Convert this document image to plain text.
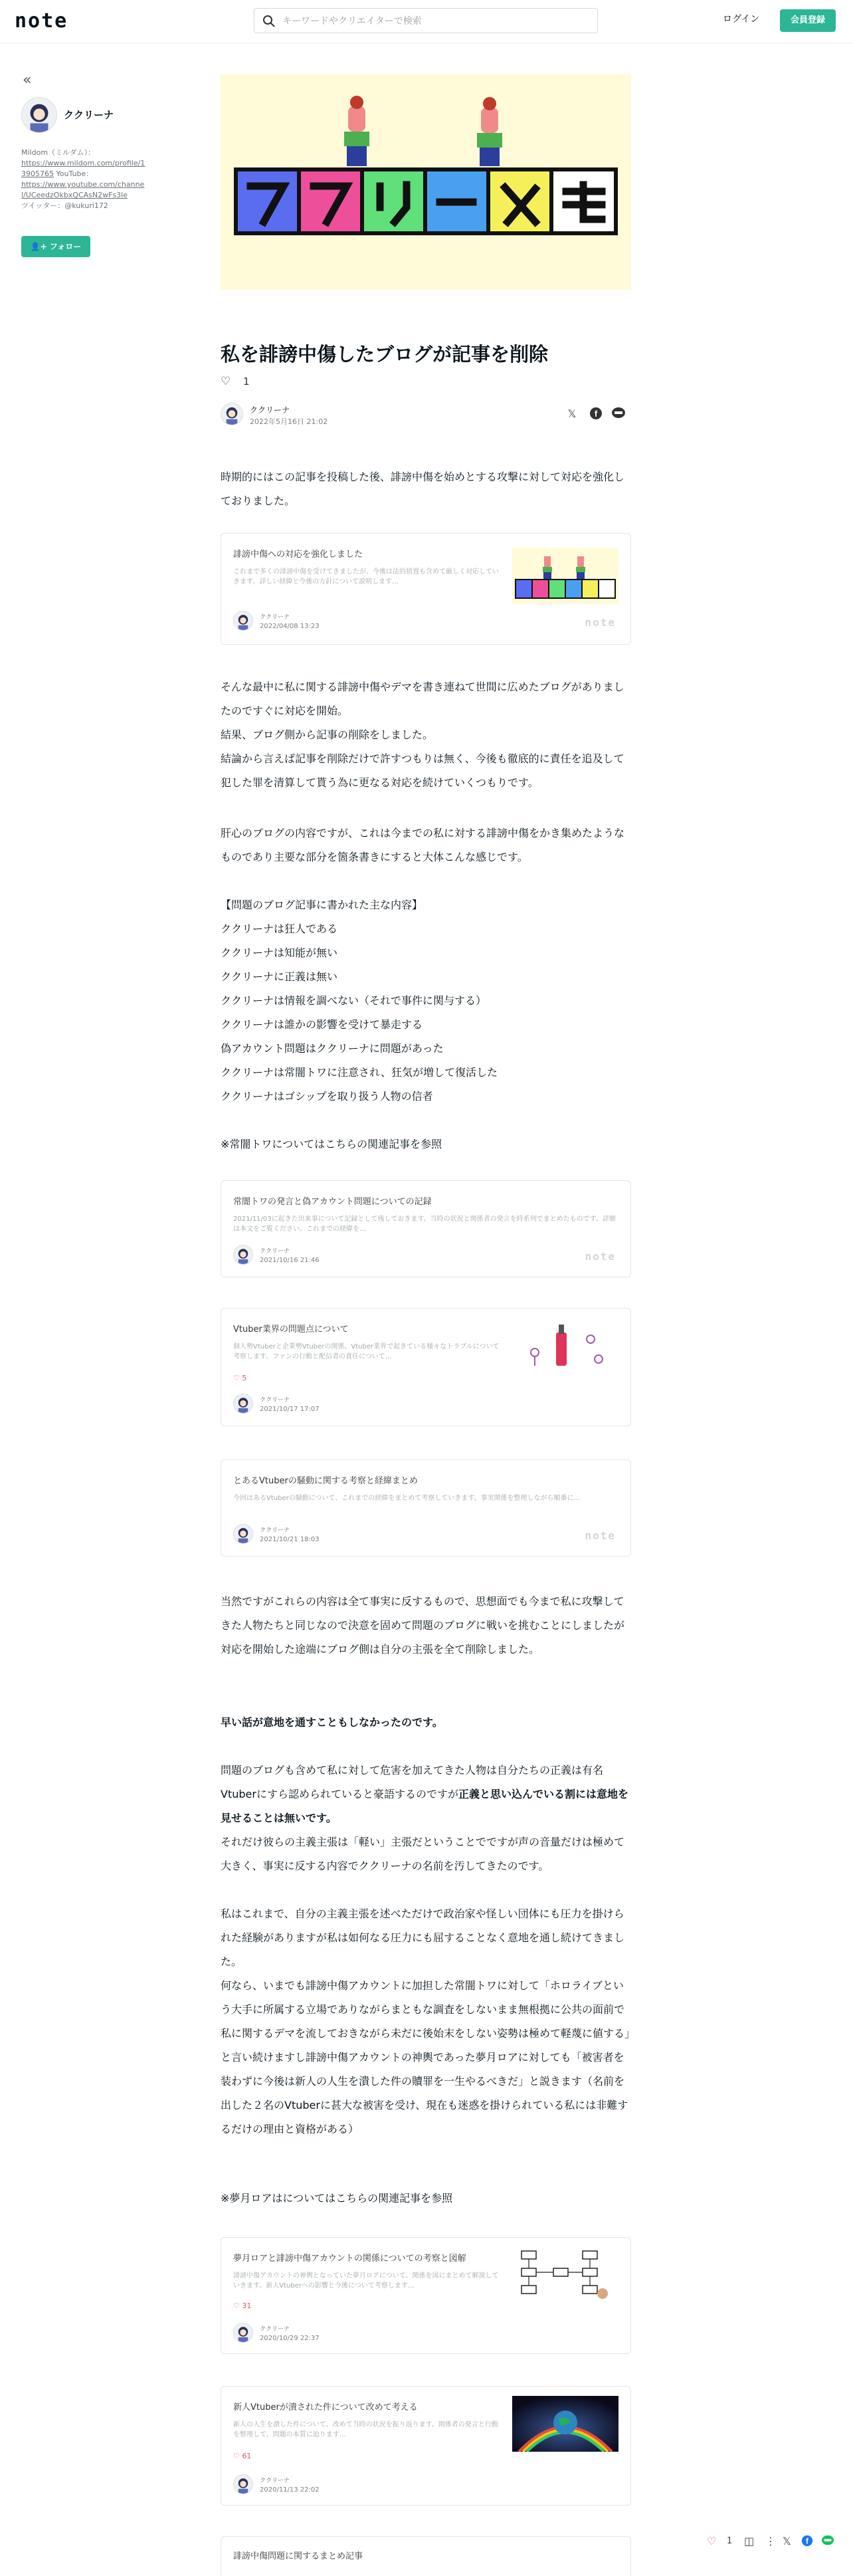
note
キーワードやクリエイターで検索	ログイン	会員登録
«
ククリーナ
Mildom（ミルダム）：
https://www.mildom.com/profile/13905765 YouTube：
https://www.youtube.com/channel/UCeedzOkbxQCAsN2wFs3le
ツイッター：@kukuri172
👤+ フォロー
私を誹謗中傷したブログが記事を削除
♡ 1
ククリーナ
2022年5月16日 21:02
𝕏	f
時期的にはこの記事を投稿した後、誹謗中傷を始めとする攻撃に対して対応を強化しておりました。
そんな最中に私に関する誹謗中傷やデマを書き連ねて世間に広めたブログがありましたのですぐに対応を開始。
結果、ブログ側から記事の削除をしました。
結論から言えば記事を削除だけで許すつもりは無く、今後も徹底的に責任を追及して犯した罪を清算して貰う為に更なる対応を続けていくつもりです。
肝心のブログの内容ですが、これは今までの私に対する誹謗中傷をかき集めたようなものであり主要な部分を箇条書きにすると大体こんな感じです。
【問題のブログ記事に書かれた主な内容】
ククリーナは狂人である
ククリーナは知能が無い
ククリーナに正義は無い
ククリーナは情報を調べない（それで事件に関与する）
ククリーナは誰かの影響を受けて暴走する
偽アカウント問題はククリーナに問題があった
ククリーナは常闇トワに注意され、狂気が増して復活した
ククリーナはゴシップを取り扱う人物の信者
※常闇トワについてはこちらの関連記事を参照
当然ですがこれらの内容は全て事実に反するもので、思想面でも今まで私に攻撃してきた人物たちと同じなので決意を固めて問題のブログに戦いを挑むことにしましたが対応を開始した途端にブログ側は自分の主張を全て削除しました。
早い話が意地を通すこともしなかったのです。
問題のブログも含めて私に対して危害を加えてきた人物は自分たちの正義は有名Vtuberにすら認められていると豪語するのですが正義と思い込んでいる割には意地を見せることは無いです。
それだけ彼らの主義主張は「軽い」主張だということでですが声の音量だけは極めて大きく、事実に反する内容でククリーナの名前を汚してきたのです。
私はこれまで、自分の主義主張を述べただけで政治家や怪しい団体にも圧力を掛けられた経験がありますが私は如何なる圧力にも屈することなく意地を通し続けてきました。
何なら、いまでも誹謗中傷アカウントに加担した常闇トワに対して「ホロライブという大手に所属する立場でありながらまともな調査をしないまま無根拠に公共の面前で私に関するデマを流しておきながら未だに後始末をしない姿勢は極めて軽蔑に値する」と言い続けますし誹謗中傷アカウントの神輿であった夢月ロアに対しても「被害者を装わずに今後は新人の人生を潰した件の贖罪を一生やるべきだ」と説きます（名前を出した２名のVtuberに甚大な被害を受け、現在も迷惑を掛けられている私には非難するだけの理由と資格がある）
※夢月ロアはについてはこちらの関連記事を参照
誹謗中傷への対応を強化しました
これまで多くの誹謗中傷を受けてきましたが、今後は法的措置も含めて厳しく対応していきます。詳しい経緯と今後の方針について説明します…
ククリーナ
2022/04/08 13:23	note
常闇トワの発言と偽アカウント問題についての記録
2021/11/03に起きた出来事について記録として残しておきます。当時の状況と関係者の発言を時系列でまとめたものです。詳細は本文をご覧ください。これまでの経緯を…
ククリーナ
2021/10/16 21:46	note
Vtuber業界の問題点について
個人勢Vtuberと企業勢Vtuberの関係、Vtuber業界で起きている様々なトラブルについて考察します。ファンの行動と配信者の責任について…
♡ 5
ククリーナ
2021/10/17 17:07
とあるVtuberの騒動に関する考察と経緯まとめ
今回はあるVtuberの騒動について、これまでの経緯をまとめて考察していきます。事実関係を整理しながら順番に…
ククリーナ
2021/10/21 18:03	note
夢月ロアと誹謗中傷アカウントの関係についての考察と図解
誹謗中傷アカウントの神輿となっていた夢月ロアについて、関係を図にまとめて解説していきます。新人Vtuberへの影響と今後について考察します…
♡ 31
ククリーナ
2020/10/29 22:37
新人Vtuberが潰された件について改めて考える
新人の人生を潰した件について、改めて当時の状況を振り返ります。関係者の発言と行動を整理して、問題の本質に迫ります…
♡ 61
ククリーナ
2020/11/13 22:02
誹謗中傷問題に関するまとめ記事
♡ 1 ◫ ⋮ 𝕏 f
